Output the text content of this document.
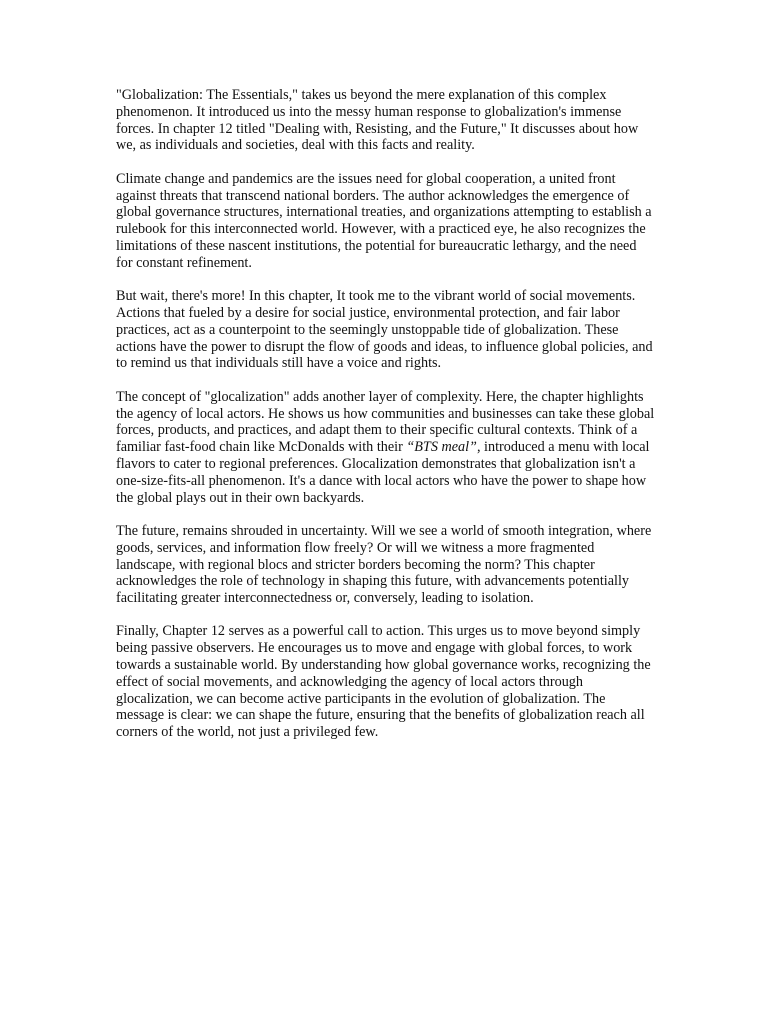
"Globalization: The Essentials," takes us beyond the mere explanation of this complex phenomenon. It introduced us into the messy human response to globalization's immense forces. In chapter 12 titled "Dealing with, Resisting, and the Future," It discusses about how we, as individuals and societies, deal with this facts and reality.

Climate change and pandemics are the issues need for global cooperation, a united front against threats that transcend national borders. The author acknowledges the emergence of global governance structures, international treaties, and organizations attempting to establish a rulebook for this interconnected world. However, with a practiced eye, he also recognizes the limitations of these nascent institutions, the potential for bureaucratic lethargy, and the need for constant refinement.

But wait, there's more! In this chapter, It took me to the vibrant world of social movements. Actions that fueled by a desire for social justice, environmental protection, and fair labor practices, act as a counterpoint to the seemingly unstoppable tide of globalization. These actions have the power to disrupt the flow of goods and ideas, to influence global policies, and to remind us that individuals still have a voice and rights.

The concept of "glocalization" adds another layer of complexity. Here, the chapter highlights the agency of local actors. He shows us how communities and businesses can take these global forces, products, and practices, and adapt them to their specific cultural contexts. Think of a familiar fast-food chain like McDonalds with their “BTS meal”, introduced a menu with local flavors to cater to regional preferences. Glocalization demonstrates that globalization isn't a one-size-fits-all phenomenon. It's a dance with local actors who have the power to shape how the global plays out in their own backyards.

The future, remains shrouded in uncertainty. Will we see a world of smooth integration, where goods, services, and information flow freely? Or will we witness a more fragmented landscape, with regional blocs and stricter borders becoming the norm? This chapter acknowledges the role of technology in shaping this future, with advancements potentially facilitating greater interconnectedness or, conversely, leading to isolation.

Finally, Chapter 12 serves as a powerful call to action. This urges us to move beyond simply being passive observers. He encourages us to move and engage with global forces, to work towards a sustainable world. By understanding how global governance works, recognizing the effect of social movements, and acknowledging the agency of local actors through glocalization, we can become active participants in the evolution of globalization. The message is clear: we can shape the future, ensuring that the benefits of globalization reach all corners of the world, not just a privileged few.
